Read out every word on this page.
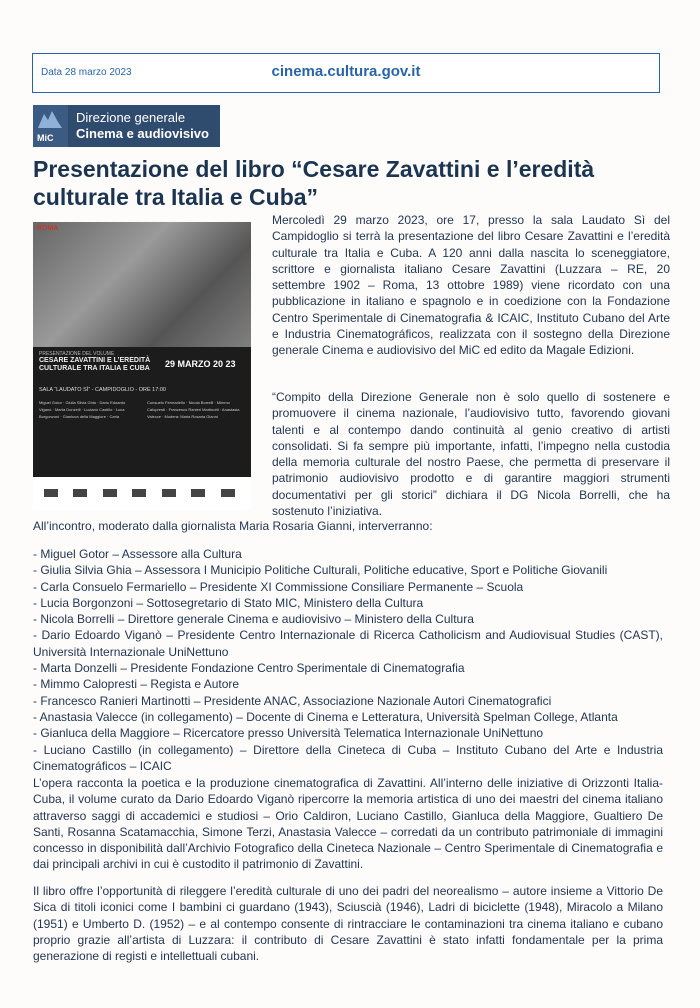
Data 28 marzo 2023	cinema.cultura.gov.it
MiC
Direzione generale
Cinema e audiovisivo
Presentazione del libro “Cesare Zavattini e l’eredità culturale tra Italia e Cuba”
ROMA
PRESENTAZIONE DEL VOLUME
CESARE ZAVATTINI E L’EREDITÀ CULTURALE TRA ITALIA E CUBA	29 MARZO 20 23
SALA “LAUDATO SÌ” - CAMPIDOGLIO - ORE 17:00
Miguel Gotor · Giulia Silvia Ghia · Dario Edoardo Viganò · Marta Donzelli · Luciano Castillo · Luca Borgonzoni · Gianluca della Maggiore · Carla Consuelo Fermariello · Nicola Borrelli · Mimmo Calopresti · Francesco Ranieri Martinotti · Anastasia Valecce · Modera: Maria Rosaria Gianni

Mercoledì 29 marzo 2023, ore 17, presso la sala Laudato Sì del Campidoglio si terrà la presentazione del libro Cesare Zavattini e l’eredità culturale tra Italia e Cuba. A 120 anni dalla nascita lo sceneggiatore, scrittore e giornalista italiano Cesare Zavattini (Luzzara – RE, 20 settembre 1902 – Roma, 13 ottobre 1989) viene ricordato con una pubblicazione in italiano e spagnolo e in coedizione con la Fondazione Centro Sperimentale di Cinematografia & ICAIC, Instituto Cubano del Arte e Industria Cinematográficos, realizzata con il sostegno della Direzione generale Cinema e audiovisivo del MiC ed edito da Magale Edizioni.

“Compito della Direzione Generale non è solo quello di sostenere e promuovere il cinema nazionale, l’audiovisivo tutto, favorendo giovani talenti e al contempo dando continuità al genio creativo di artisti consolidati. Si fa sempre più importante, infatti, l’impegno nella custodia della memoria culturale del nostro Paese, che permetta di preservare il patrimonio audiovisivo prodotto e di garantire maggiori strumenti documentativi per gli storici” dichiara il DG Nicola Borrelli, che ha sostenuto l’iniziativa.

All’incontro, moderato dalla giornalista Maria Rosaria Gianni, interverranno:

- Miguel Gotor – Assessore alla Cultura
- Giulia Silvia Ghia – Assessora I Municipio Politiche Culturali, Politiche educative, Sport e Politiche Giovanili
- Carla Consuelo Fermariello – Presidente XI Commissione Consiliare Permanente – Scuola
- Lucia Borgonzoni – Sottosegretario di Stato MIC, Ministero della Cultura
- Nicola Borrelli – Direttore generale Cinema e audiovisivo – Ministero della Cultura
- Dario Edoardo Viganò – Presidente Centro Internazionale di Ricerca Catholicism and Audiovisual Studies (CAST), Università Internazionale UniNettuno
- Marta Donzelli – Presidente Fondazione Centro Sperimentale di Cinematografia
- Mimmo Calopresti – Regista e Autore
- Francesco Ranieri Martinotti – Presidente ANAC, Associazione Nazionale Autori Cinematografici
- Anastasia Valecce (in collegamento) – Docente di Cinema e Letteratura, Università Spelman College, Atlanta
- Gianluca della Maggiore – Ricercatore presso Università Telematica Internazionale UniNettuno
- Luciano Castillo (in collegamento) – Direttore della Cineteca di Cuba – Instituto Cubano del Arte e Industria Cinematográficos – ICAIC

L’opera racconta la poetica e la produzione cinematografica di Zavattini. All’interno delle iniziative di Orizzonti Italia-Cuba, il volume curato da Dario Edoardo Viganò ripercorre la memoria artistica di uno dei maestri del cinema italiano attraverso saggi di accademici e studiosi – Orio Caldiron, Luciano Castillo, Gianluca della Maggiore, Gualtiero De Santi, Rosanna Scatamacchia, Simone Terzi, Anastasia Valecce – corredati da un contributo patrimoniale di immagini concesso in disponibilità dall’Archivio Fotografico della Cineteca Nazionale – Centro Sperimentale di Cinematografia e dai principali archivi in cui è custodito il patrimonio di Zavattini.

Il libro offre l’opportunità di rileggere l’eredità culturale di uno dei padri del neorealismo – autore insieme a Vittorio De Sica di titoli iconici come I bambini ci guardano (1943), Sciuscià (1946), Ladri di biciclette (1948), Miracolo a Milano (1951) e Umberto D. (1952) – e al contempo consente di rintracciare le contaminazioni tra cinema italiano e cubano proprio grazie all’artista di Luzzara: il contributo di Cesare Zavattini è stato infatti fondamentale per la prima generazione di registi e intellettuali cubani.
